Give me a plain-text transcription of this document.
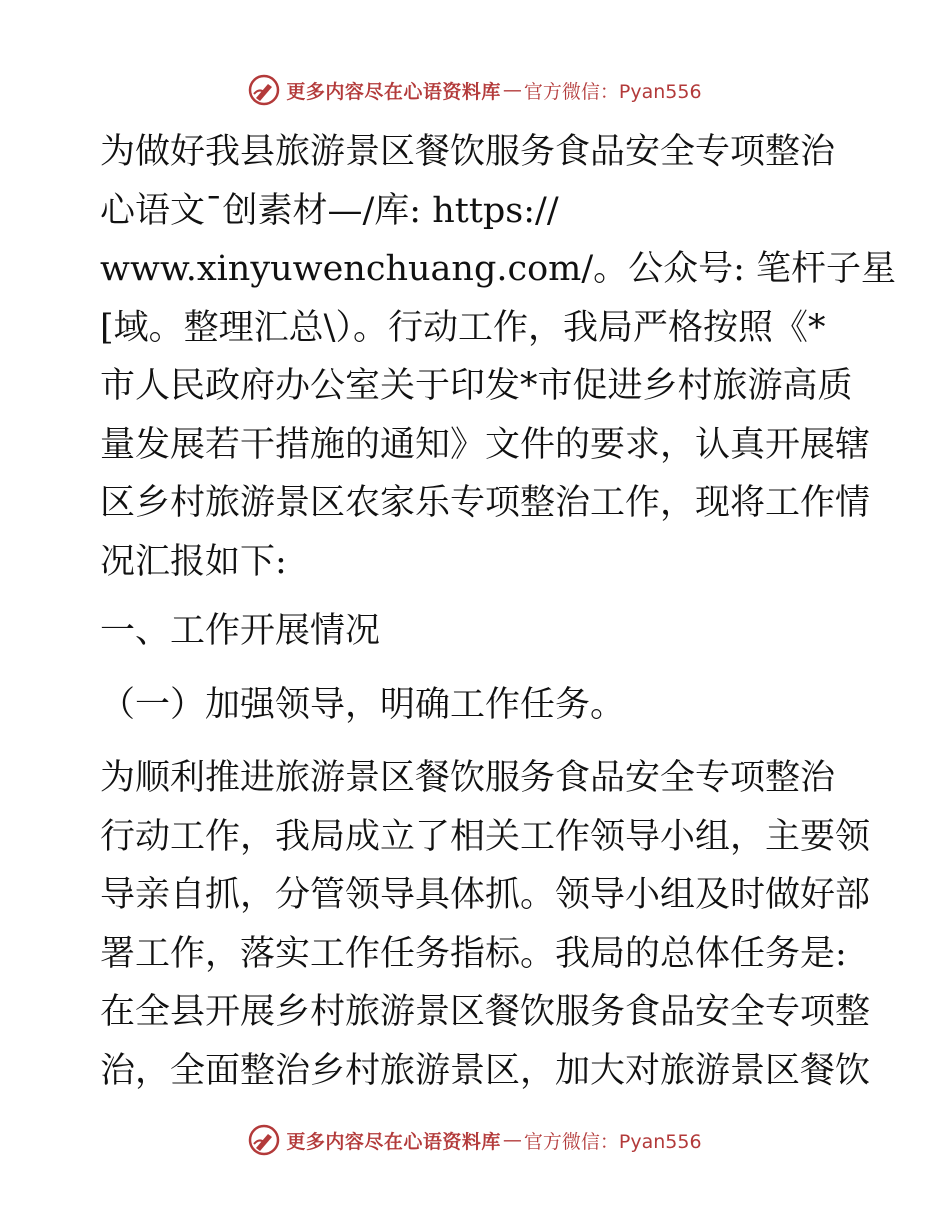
更多内容尽在心语资料库 — 官方微信：Pyan556
为做好我县旅游景区餐饮服务食品安全专项整治
心语文¯创素材—/库: https://
www.xinyuwenchuang.com/。公众号: 笔杆子星
[域。整理汇总\）。行动工作，我局严格按照《*
市人民政府办公室关于印发*市促进乡村旅游高质
量发展若干措施的通知》文件的要求，认真开展辖
区乡村旅游景区农家乐专项整治工作，现将工作情
况汇报如下:
一、工作开展情况
（一）加强领导，明确工作任务。
为顺利推进旅游景区餐饮服务食品安全专项整治
行动工作，我局成立了相关工作领导小组，主要领
导亲自抓，分管领导具体抓。领导小组及时做好部
署工作，落实工作任务指标。我局的总体任务是:
在全县开展乡村旅游景区餐饮服务食品安全专项整
治，全面整治乡村旅游景区，加大对旅游景区餐饮
更多内容尽在心语资料库 — 官方微信：Pyan556
